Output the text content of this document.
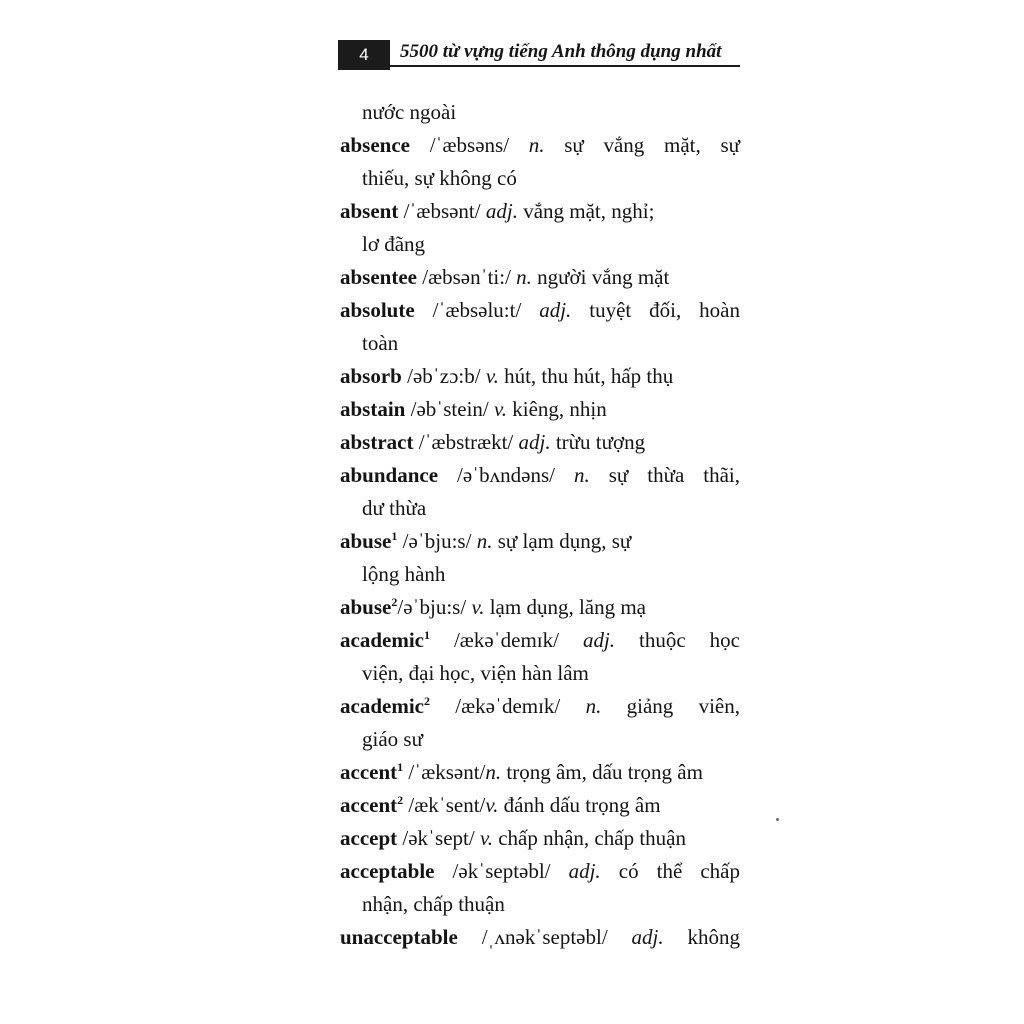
4	5500 từ vựng tiếng Anh thông dụng nhất
nước ngoài
absence /ˈæbsəns/ n. sự vắng mặt, sự
thiếu, sự không có
absent /ˈæbsənt/ adj. vắng mặt, nghỉ;
lơ đãng
absentee /æbsənˈti:/ n. người vắng mặt
absolute /ˈæbsəlu:t/ adj. tuyệt đối, hoàn
toàn
absorb /əbˈzɔ:b/ v. hút, thu hút, hấp thụ
abstain /əbˈstein/ v. kiêng, nhịn
abstract /ˈæbstrækt/ adj. trừu tượng
abundance /əˈbʌndəns/ n. sự thừa thãi,
dư thừa
abuse$^1$ /əˈbju:s/ n. sự lạm dụng, sự
lộng hành
abuse$^2$/əˈbju:s/ v. lạm dụng, lăng mạ
academic$^1$ /ækəˈdemɪk/ adj. thuộc học
viện, đại học, viện hàn lâm
academic$^2$ /ækəˈdemɪk/ n. giảng viên,
giáo sư
accent$^1$ /ˈæksənt/n. trọng âm, dấu trọng âm
accent$^2$ /ækˈsent/v. đánh dấu trọng âm
accept /əkˈsept/ v. chấp nhận, chấp thuận
acceptable /əkˈseptəbl/ adj. có thể chấp
nhận, chấp thuận
unacceptable /ˌʌnəkˈseptəbl/ adj. không
